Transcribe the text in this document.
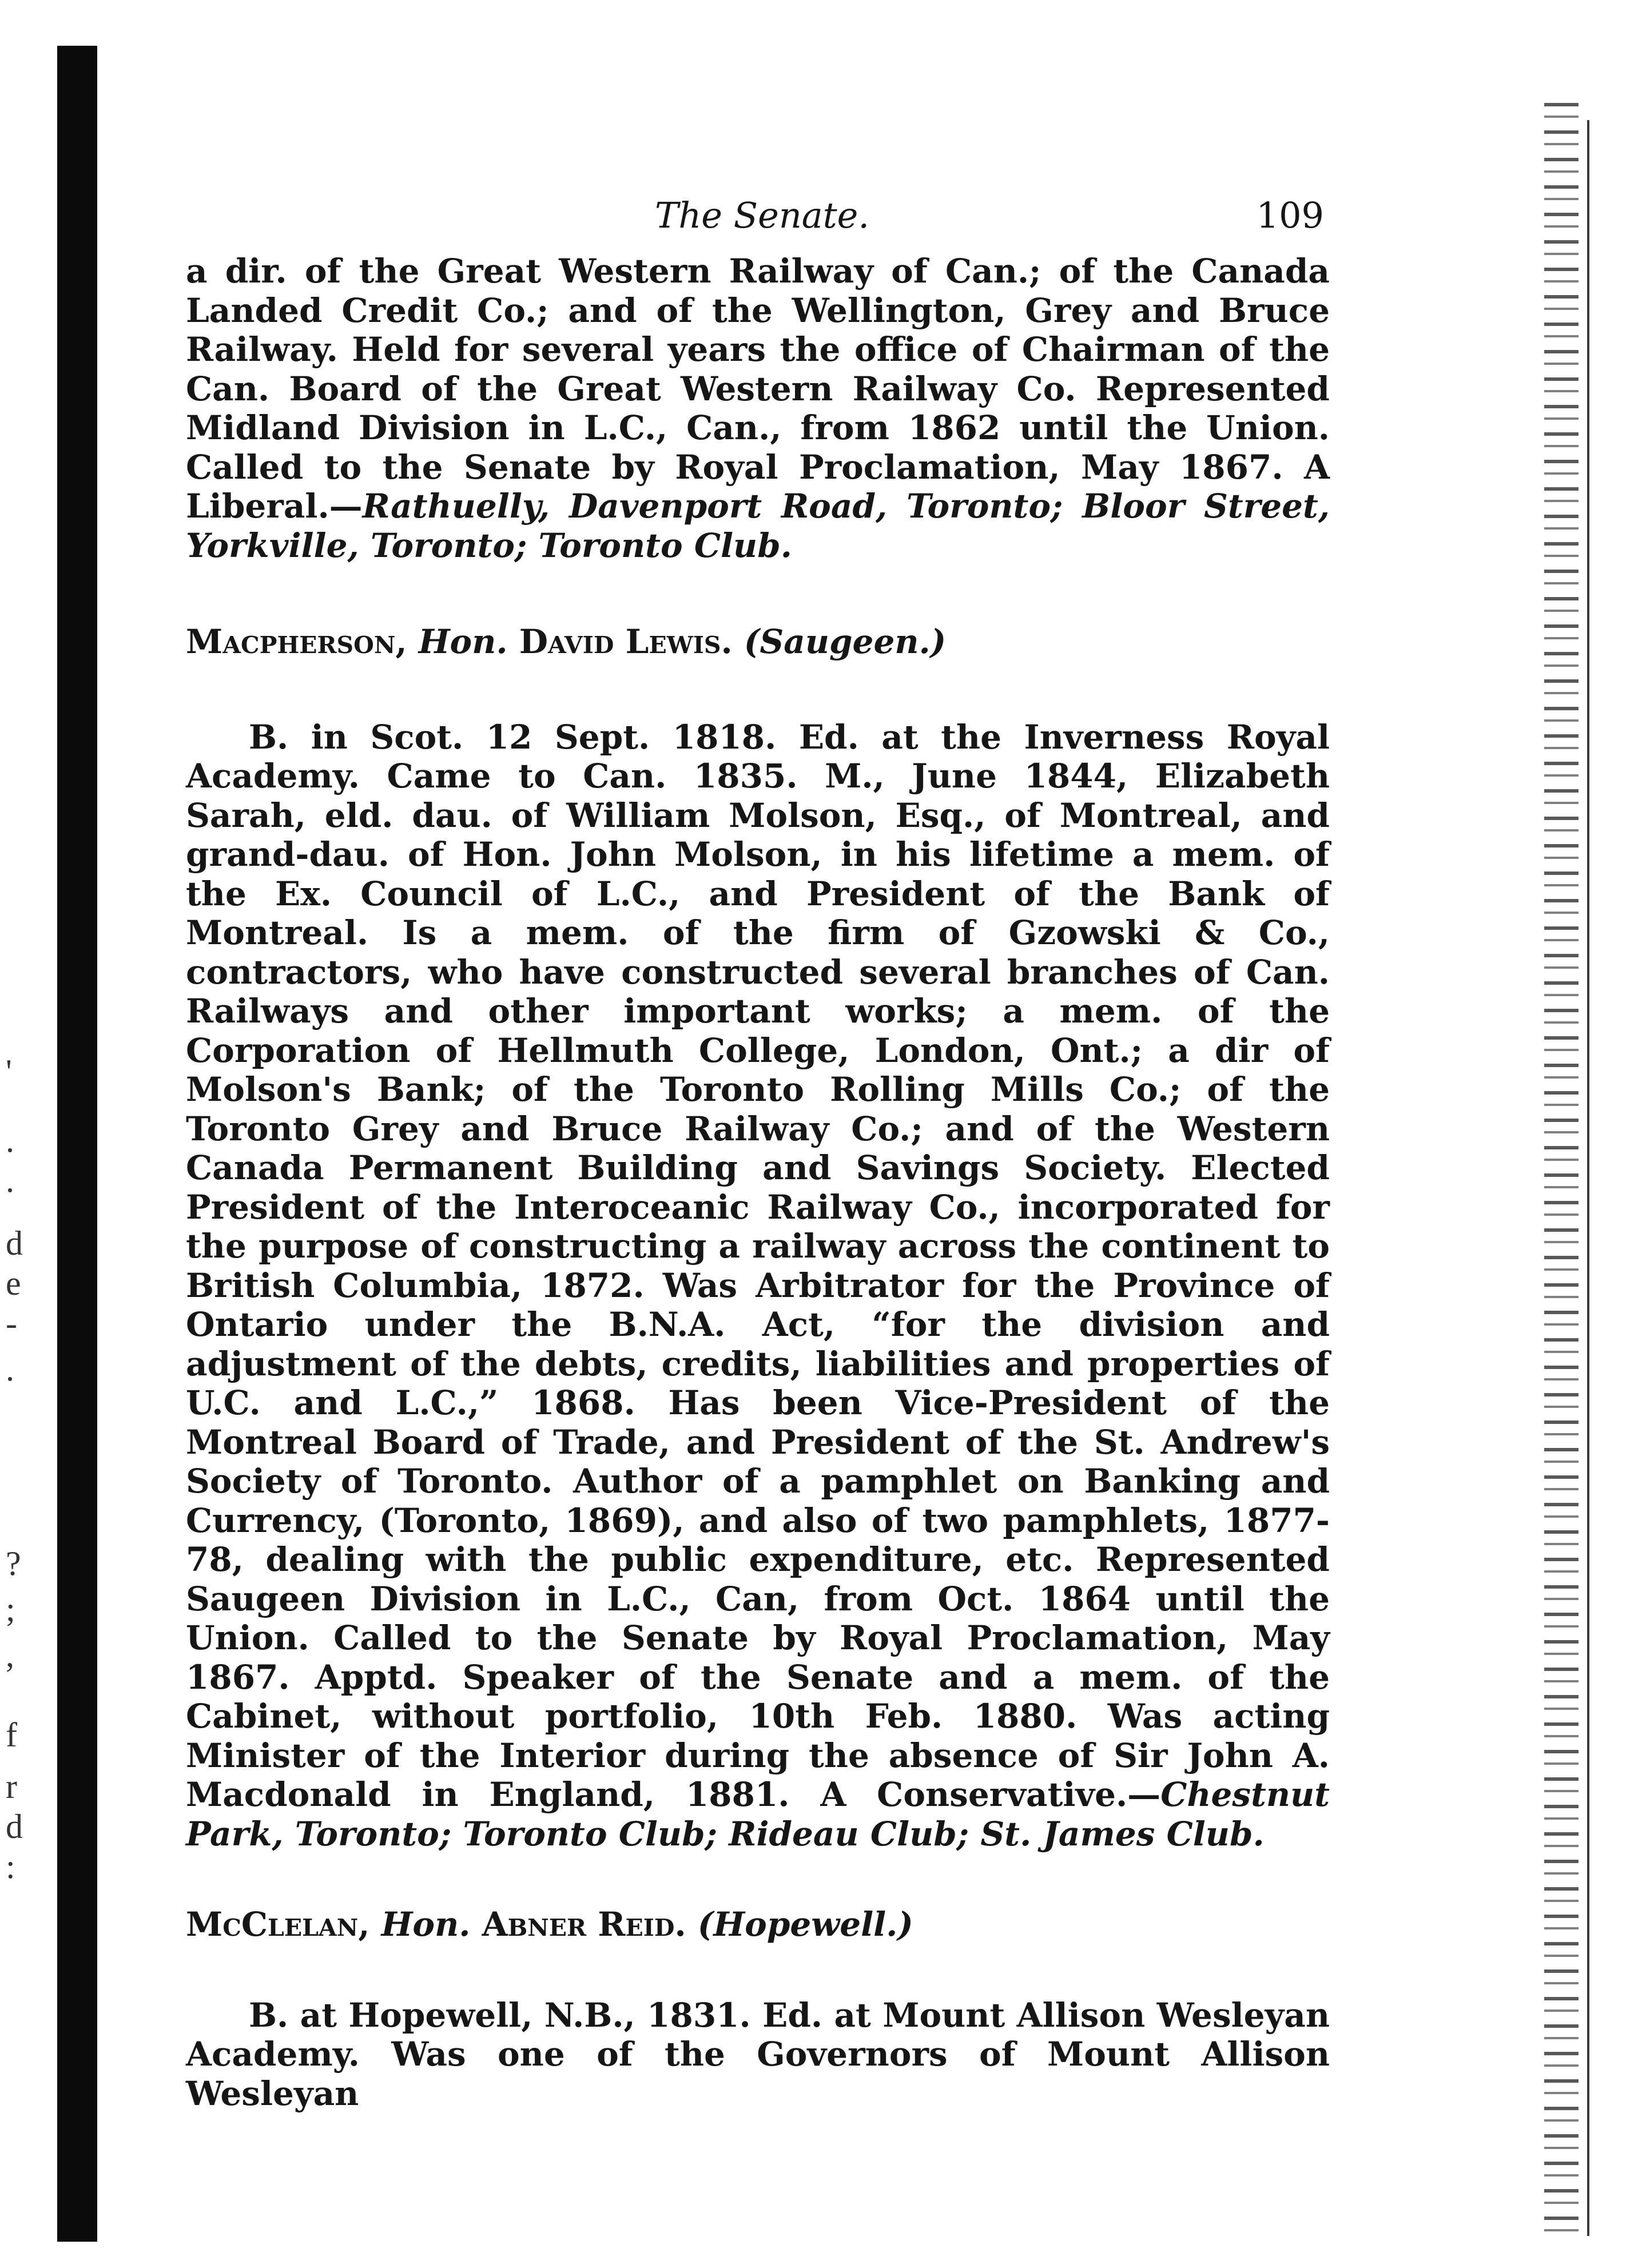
'
.
.
d
e
-
.
?
;
,
f
r
d
:
The Senate.	109

a dir. of the Great Western Railway of Can.; of the Canada Landed Credit Co.; and of the Wellington, Grey and Bruce Railway. Held for several years the office of Chairman of the Can. Board of the Great Western Railway Co. Represented Midland Division in L.C., Can., from 1862 until the Union. Called to the Senate by Royal Proclamation, May 1867. A Liberal.—Rathuelly, Davenport Road, Toronto; Bloor Street, Yorkville, Toronto; Toronto Club.

Macpherson, Hon. David Lewis. (Saugeen.)

B. in Scot. 12 Sept. 1818. Ed. at the Inverness Royal Academy. Came to Can. 1835. M., June 1844, Elizabeth Sarah, eld. dau. of William Molson, Esq., of Montreal, and grand-dau. of Hon. John Molson, in his lifetime a mem. of the Ex. Council of L.C., and President of the Bank of Montreal. Is a mem. of the firm of Gzowski & Co., contractors, who have constructed several branches of Can. Railways and other important works; a mem. of the Corporation of Hellmuth College, London, Ont.; a dir of Molson's Bank; of the Toronto Rolling Mills Co.; of the Toronto Grey and Bruce Railway Co.; and of the Western Canada Permanent Building and Savings Society. Elected President of the Interoceanic Railway Co., incorporated for the purpose of constructing a railway across the continent to British Columbia, 1872. Was Arbitrator for the Province of Ontario under the B.N.A. Act, “for the division and adjustment of the debts, credits, liabilities and properties of U.C. and L.C.,” 1868. Has been Vice-President of the Montreal Board of Trade, and President of the St. Andrew's Society of Toronto. Author of a pamphlet on Banking and Currency, (Toronto, 1869), and also of two pamphlets, 1877-78, dealing with the public expenditure, etc. Represented Saugeen Division in L.C., Can, from Oct. 1864 until the Union. Called to the Senate by Royal Proclamation, May 1867. Apptd. Speaker of the Senate and a mem. of the Cabinet, without portfolio, 10th Feb. 1880. Was acting Minister of the Interior during the absence of Sir John A. Macdonald in England, 1881. A Conservative.—Chestnut Park, Toronto; Toronto Club; Rideau Club; St. James Club.

McClelan, Hon. Abner Reid. (Hopewell.)

B. at Hopewell, N.B., 1831. Ed. at Mount Allison Wesleyan Academy. Was one of the Governors of Mount Allison Wesleyan
